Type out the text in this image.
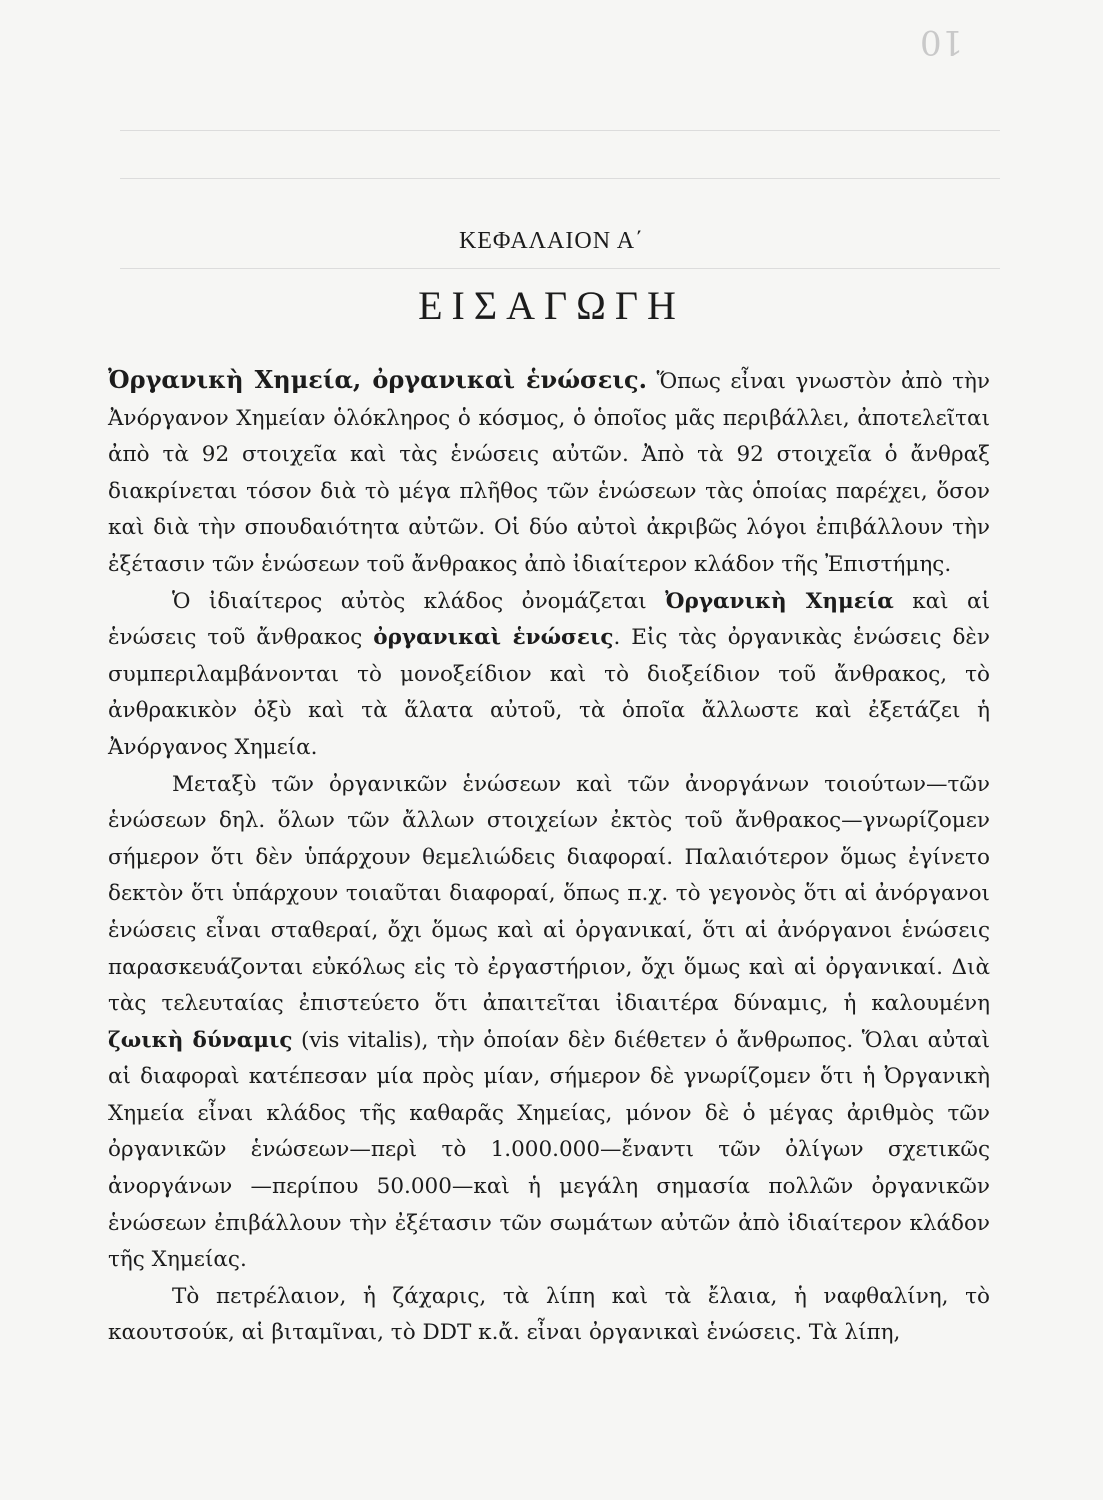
10
ΚΕΦΑΛΑΙΟΝ Α΄
ΕΙΣΑΓΩΓΗ

Ὀργανικὴ Χημεία, ὀργανικαὶ ἑνώσεις. Ὅπως εἶναι γνωστὸν ἀπὸ τὴν Ἀνόργανον Χημείαν ὁλόκληρος ὁ κόσμος, ὁ ὁποῖος μᾶς περιβάλλει, ἀποτελεῖται ἀπὸ τὰ 92 στοιχεῖα καὶ τὰς ἑνώσεις αὐτῶν. Ἀπὸ τὰ 92 στοιχεῖα ὁ ἄνθραξ διακρίνεται τόσον διὰ τὸ μέγα πλῆθος τῶν ἑνώσεων τὰς ὁποίας παρέχει, ὅσον καὶ διὰ τὴν σπουδαιότητα αὐτῶν. Οἱ δύο αὐτοὶ ἀκριβῶς λόγοι ἐπιβάλλουν τὴν ἐξέτασιν τῶν ἑνώσεων τοῦ ἄνθρακος ἀπὸ ἰδιαίτερον κλάδον τῆς Ἐπιστήμης.

Ὁ ἰδιαίτερος αὐτὸς κλάδος ὀνομάζεται Ὀργανικὴ Χημεία καὶ αἱ ἑνώσεις τοῦ ἄνθρακος ὀργανικαὶ ἑνώσεις. Εἰς τὰς ὀργανικὰς ἑνώσεις δὲν συμπεριλαμβάνονται τὸ μονοξείδιον καὶ τὸ διοξείδιον τοῦ ἄνθρακος, τὸ ἀνθρακικὸν ὀξὺ καὶ τὰ ἅλατα αὐτοῦ, τὰ ὁποῖα ἄλλωστε καὶ ἐξετάζει ἡ Ἀνόργανος Χημεία.

Μεταξὺ τῶν ὀργανικῶν ἑνώσεων καὶ τῶν ἀνοργάνων τοιούτων—τῶν ἑνώσεων δηλ. ὅλων τῶν ἄλλων στοιχείων ἐκτὸς τοῦ ἄνθρακος—γνωρίζομεν σήμερον ὅτι δὲν ὑπάρχουν θεμελιώδεις διαφοραί. Παλαιότερον ὅμως ἐγίνετο δεκτὸν ὅτι ὑπάρχουν τοιαῦται διαφοραί, ὅπως π.χ. τὸ γεγονὸς ὅτι αἱ ἀνόργανοι ἑνώσεις εἶναι σταθεραί, ὄχι ὅμως καὶ αἱ ὀργανικαί, ὅτι αἱ ἀνόργανοι ἑνώσεις παρασκευάζονται εὐκόλως εἰς τὸ ἐργαστήριον, ὄχι ὅμως καὶ αἱ ὀργανικαί. Διὰ τὰς τελευταίας ἐπιστεύετο ὅτι ἀπαιτεῖται ἰδιαιτέρα δύναμις, ἡ καλουμένη ζωικὴ δύναμις (vis vitalis), τὴν ὁποίαν δὲν διέθετεν ὁ ἄνθρωπος. Ὅλαι αὐταὶ αἱ διαφοραὶ κατέπεσαν μία πρὸς μίαν, σήμερον δὲ γνωρίζομεν ὅτι ἡ Ὀργανικὴ Χημεία εἶναι κλάδος τῆς καθαρᾶς Χημείας, μόνον δὲ ὁ μέγας ἀριθμὸς τῶν ὀργανικῶν ἑνώσεων—περὶ τὸ 1.000.000—ἔναντι τῶν ὀλίγων σχετικῶς ἀνοργάνων —περίπου 50.000—καὶ ἡ μεγάλη σημασία πολλῶν ὀργανικῶν ἑνώσεων ἐπιβάλλουν τὴν ἐξέτασιν τῶν σωμάτων αὐτῶν ἀπὸ ἰδιαίτερον κλάδον τῆς Χημείας.

Τὸ πετρέλαιον, ἡ ζάχαρις, τὰ λίπη καὶ τὰ ἔλαια, ἡ ναφθαλίνη, τὸ καουτσούκ, αἱ βιταμῖναι, τὸ DDT κ.ἄ. εἶναι ὀργανικαὶ ἑνώσεις. Τὰ λίπη,
